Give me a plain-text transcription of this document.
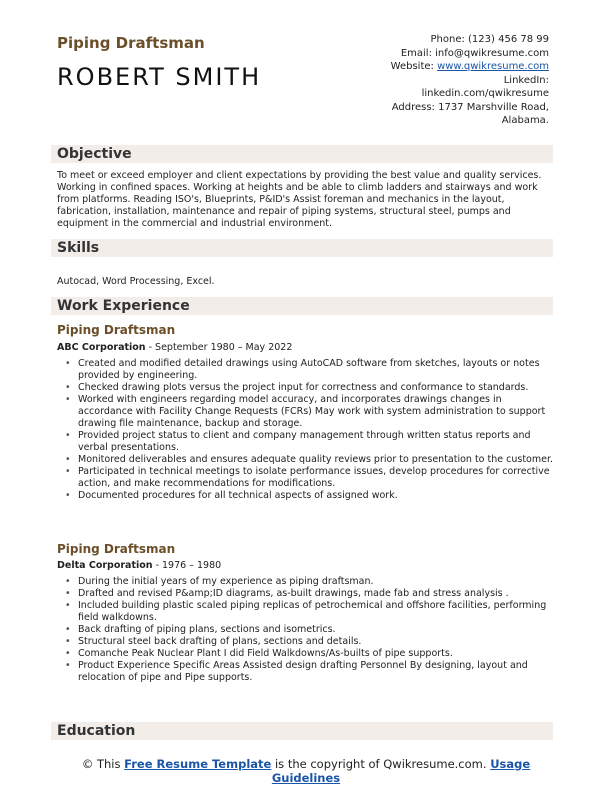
Piping Draftsman
ROBERT SMITH
Phone: (123) 456 78 99
Email: info@qwikresume.com
Website: www.qwikresume.com
LinkedIn:
linkedin.com/qwikresume
Address: 1737 Marshville Road,
Alabama.
Objective
To meet or exceed employer and client expectations by providing the best value and quality services. Working in confined spaces. Working at heights and be able to climb ladders and stairways and work from platforms. Reading ISO's, Blueprints, P&ID's Assist foreman and mechanics in the layout, fabrication, installation, maintenance and repair of piping systems, structural steel, pumps and equipment in the commercial and industrial environment.
Skills
Autocad, Word Processing, Excel.
Work Experience
Piping Draftsman
ABC Corporation - September 1980 – May 2022
• Created and modified detailed drawings using AutoCAD software from sketches, layouts or notes provided by engineering.
• Checked drawing plots versus the project input for correctness and conformance to standards.
• Worked with engineers regarding model accuracy, and incorporates drawings changes in accordance with Facility Change Requests (FCRs) May work with system administration to support drawing file maintenance, backup and storage.
• Provided project status to client and company management through written status reports and verbal presentations.
• Monitored deliverables and ensures adequate quality reviews prior to presentation to the customer.
• Participated in technical meetings to isolate performance issues, develop procedures for corrective action, and make recommendations for modifications.
• Documented procedures for all technical aspects of assigned work.
Piping Draftsman
Delta Corporation - 1976 – 1980
• During the initial years of my experience as piping draftsman.
• Drafted and revised P&amp;ID diagrams, as-built drawings, made fab and stress analysis .
• Included building plastic scaled piping replicas of petrochemical and offshore facilities, performing field walkdowns.
• Back drafting of piping plans, sections and isometrics.
• Structural steel back drafting of plans, sections and details.
• Comanche Peak Nuclear Plant I did Field Walkdowns/As-builts of pipe supports.
• Product Experience Specific Areas Assisted design drafting Personnel By designing, layout and relocation of pipe and Pipe supports.
Education
© This Free Resume Template is the copyright of Qwikresume.com. Usage Guidelines
